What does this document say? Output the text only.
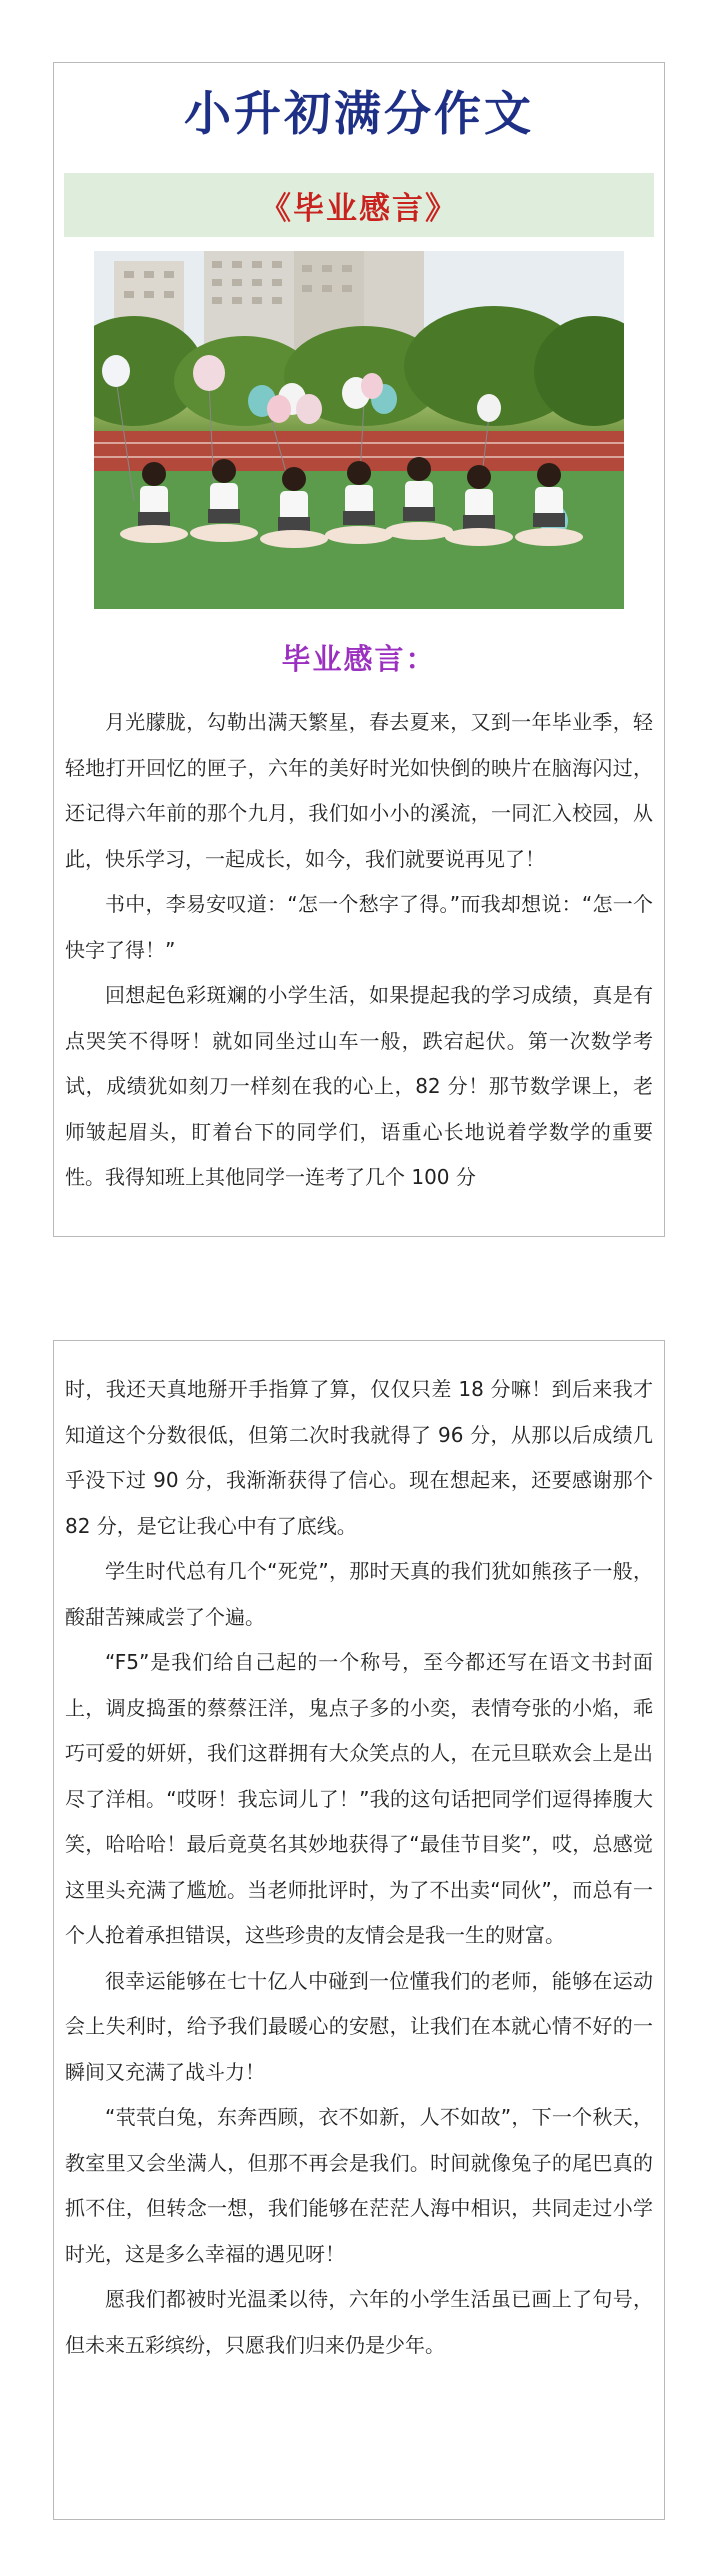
小升初满分作文
《毕业感言》
毕业感言：

月光朦胧，勾勒出满天繁星，春去夏来，又到一年毕业季，轻轻地打开回忆的匣子，六年的美好时光如快倒的映片在脑海闪过，还记得六年前的那个九月，我们如小小的溪流，一同汇入校园，从此，快乐学习，一起成长，如今，我们就要说再见了！

书中，李易安叹道：“怎一个愁字了得。”而我却想说：“怎一个快字了得！”

回想起色彩斑斓的小学生活，如果提起我的学习成绩，真是有点哭笑不得呀！就如同坐过山车一般，跌宕起伏。第一次数学考试，成绩犹如刻刀一样刻在我的心上，82 分！那节数学课上，老师皱起眉头，盯着台下的同学们，语重心长地说着学数学的重要性。我得知班上其他同学一连考了几个 100 分

时，我还天真地掰开手指算了算，仅仅只差 18 分嘛！到后来我才知道这个分数很低，但第二次时我就得了 96 分，从那以后成绩几乎没下过 90 分，我渐渐获得了信心。现在想起来，还要感谢那个 82 分，是它让我心中有了底线。

学生时代总有几个“死党”，那时天真的我们犹如熊孩子一般，酸甜苦辣咸尝了个遍。

“F5”是我们给自己起的一个称号，至今都还写在语文书封面上，调皮捣蛋的蔡蔡汪洋，鬼点子多的小奕，表情夸张的小焰，乖巧可爱的妍妍，我们这群拥有大众笑点的人，在元旦联欢会上是出尽了洋相。“哎呀！我忘词儿了！”我的这句话把同学们逗得捧腹大笑，哈哈哈！最后竟莫名其妙地获得了“最佳节目奖”，哎，总感觉这里头充满了尴尬。当老师批评时，为了不出卖“同伙”，而总有一个人抢着承担错误，这些珍贵的友情会是我一生的财富。

很幸运能够在七十亿人中碰到一位懂我们的老师，能够在运动会上失利时，给予我们最暖心的安慰，让我们在本就心情不好的一瞬间又充满了战斗力！

“茕茕白兔，东奔西顾，衣不如新，人不如故”，下一个秋天，教室里又会坐满人，但那不再会是我们。时间就像兔子的尾巴真的抓不住，但转念一想，我们能够在茫茫人海中相识，共同走过小学时光，这是多么幸福的遇见呀！

愿我们都被时光温柔以待，六年的小学生活虽已画上了句号，但未来五彩缤纷，只愿我们归来仍是少年。
